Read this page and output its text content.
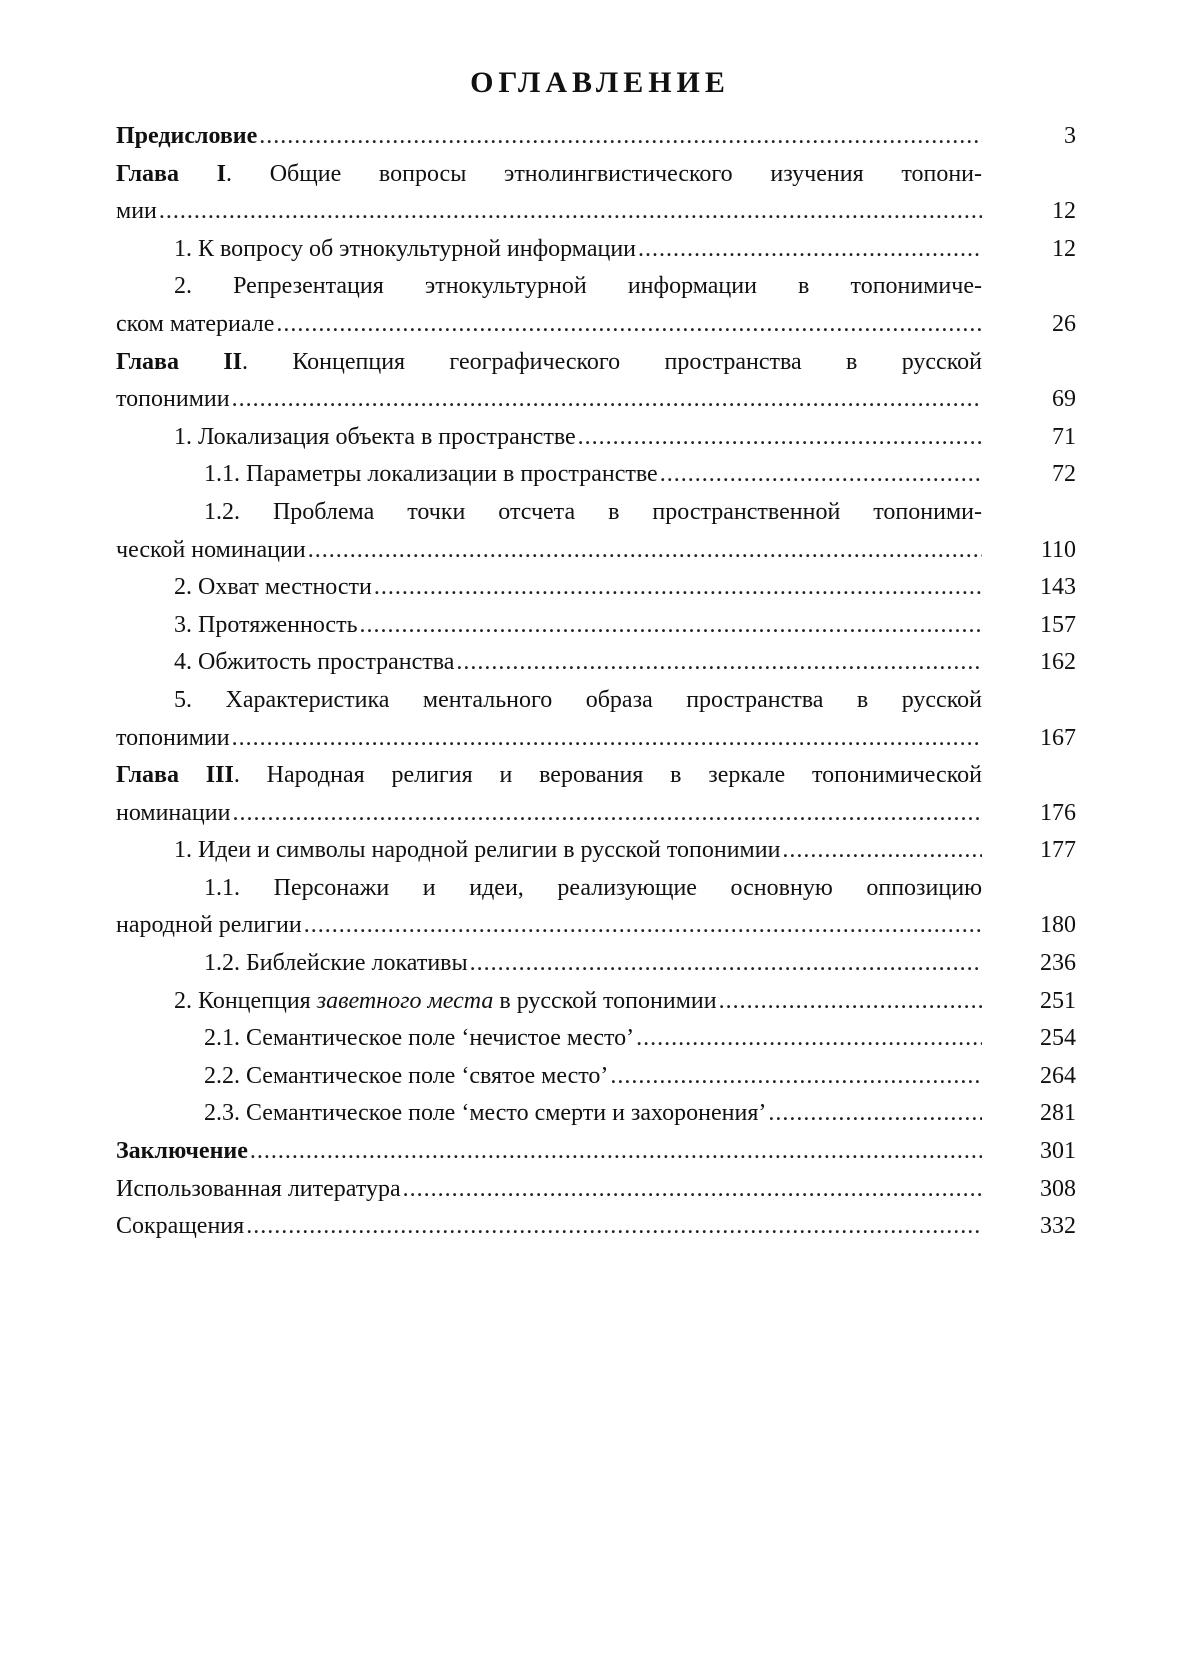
ОГЛАВЛЕНИЕ
Предисловие .....	3
Глава I. Общие вопросы этнолингвистического изучения топони-
мии .....	12
1. К вопросу об этнокультурной информации .....	12
2. Репрезентация этнокультурной информации в топонимиче-
ском материале .....	26
Глава II. Концепция географического пространства в русской
топонимии .....	69
1. Локализация объекта в пространстве .....	71
1.1. Параметры локализации в пространстве .....	72
1.2. Проблема точки отсчета в пространственной топоними-
ческой номинации .....	110
2. Охват местности .....	143
3. Протяженность .....	157
4. Обжитость пространства .....	162
5. Характеристика ментального образа пространства в русской
топонимии .....	167
Глава III. Народная религия и верования в зеркале топонимической
номинации .....	176
1. Идеи и символы народной религии в русской топонимии .....	177
1.1. Персонажи и идеи, реализующие основную оппозицию
народной религии .....	180
1.2. Библейские локативы .....	236
2. Концепция заветного места в русской топонимии .....	251
2.1. Семантическое поле ‘нечистое место’ .....	254
2.2. Семантическое поле ‘святое место’ .....	264
2.3. Семантическое поле ‘место смерти и захоронения’ .....	281
Заключение .....	301
Использованная литература .....	308
Сокращения .....	332
